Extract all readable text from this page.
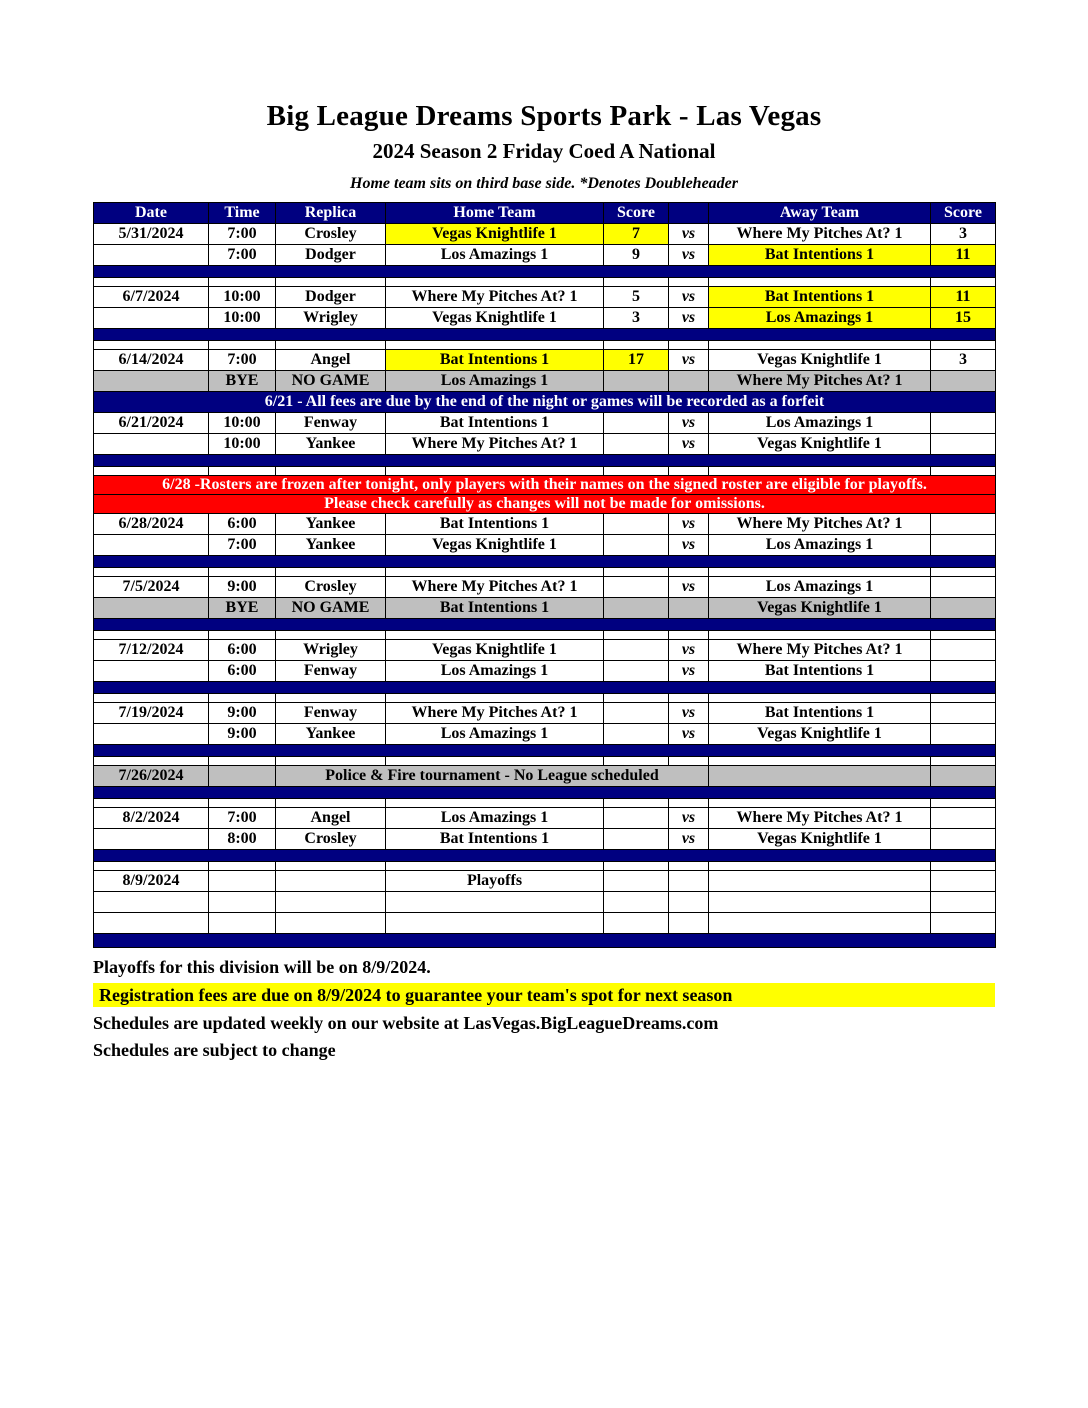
Big League Dreams Sports Park - Las Vegas
2024 Season 2 Friday Coed A National
Home team sits on third base side. *Denotes Doubleheader
Date	Time	Replica	Home Team	Score		Away Team	Score
5/31/2024	7:00	Crosley	Vegas Knightlife 1	7	vs	Where My Pitches At? 1	3
	7:00	Dodger	Los Amazings 1	9	vs	Bat Intentions 1	11

6/7/2024	10:00	Dodger	Where My Pitches At? 1	5	vs	Bat Intentions 1	11
	10:00	Wrigley	Vegas Knightlife 1	3	vs	Los Amazings 1	15

6/14/2024	7:00	Angel	Bat Intentions 1	17	vs	Vegas Knightlife 1	3
	BYE	NO GAME	Los Amazings 1			Where My Pitches At? 1	
6/21 - All fees are due by the end of the night or games will be recorded as a forfeit							
6/21/2024	10:00	Fenway	Bat Intentions 1		vs	Los Amazings 1	
	10:00	Yankee	Where My Pitches At? 1		vs	Vegas Knightlife 1	

6/28 -Rosters are frozen after tonight, only players with their names on the signed roster are eligible for playoffs.							
Please check carefully as changes will not be made for omissions.							
6/28/2024	6:00	Yankee	Bat Intentions 1		vs	Where My Pitches At? 1	
	7:00	Yankee	Vegas Knightlife 1		vs	Los Amazings 1	

7/5/2024	9:00	Crosley	Where My Pitches At? 1		vs	Los Amazings 1	
	BYE	NO GAME	Bat Intentions 1			Vegas Knightlife 1	

7/12/2024	6:00	Wrigley	Vegas Knightlife 1		vs	Where My Pitches At? 1	
	6:00	Fenway	Los Amazings 1		vs	Bat Intentions 1	

7/19/2024	9:00	Fenway	Where My Pitches At? 1		vs	Bat Intentions 1	
	9:00	Yankee	Los Amazings 1		vs	Vegas Knightlife 1	

7/26/2024		Police & Fire tournament - No League scheduled					

8/2/2024	7:00	Angel	Los Amazings 1		vs	Where My Pitches At? 1	
	8:00	Crosley	Bat Intentions 1		vs	Vegas Knightlife 1	

8/9/2024			Playoffs				

Playoffs for this division will be on 8/9/2024.
Registration fees are due on 8/9/2024 to guarantee your team's spot for next season
Schedules are updated weekly on our website at LasVegas.BigLeagueDreams.com
Schedules are subject to change
